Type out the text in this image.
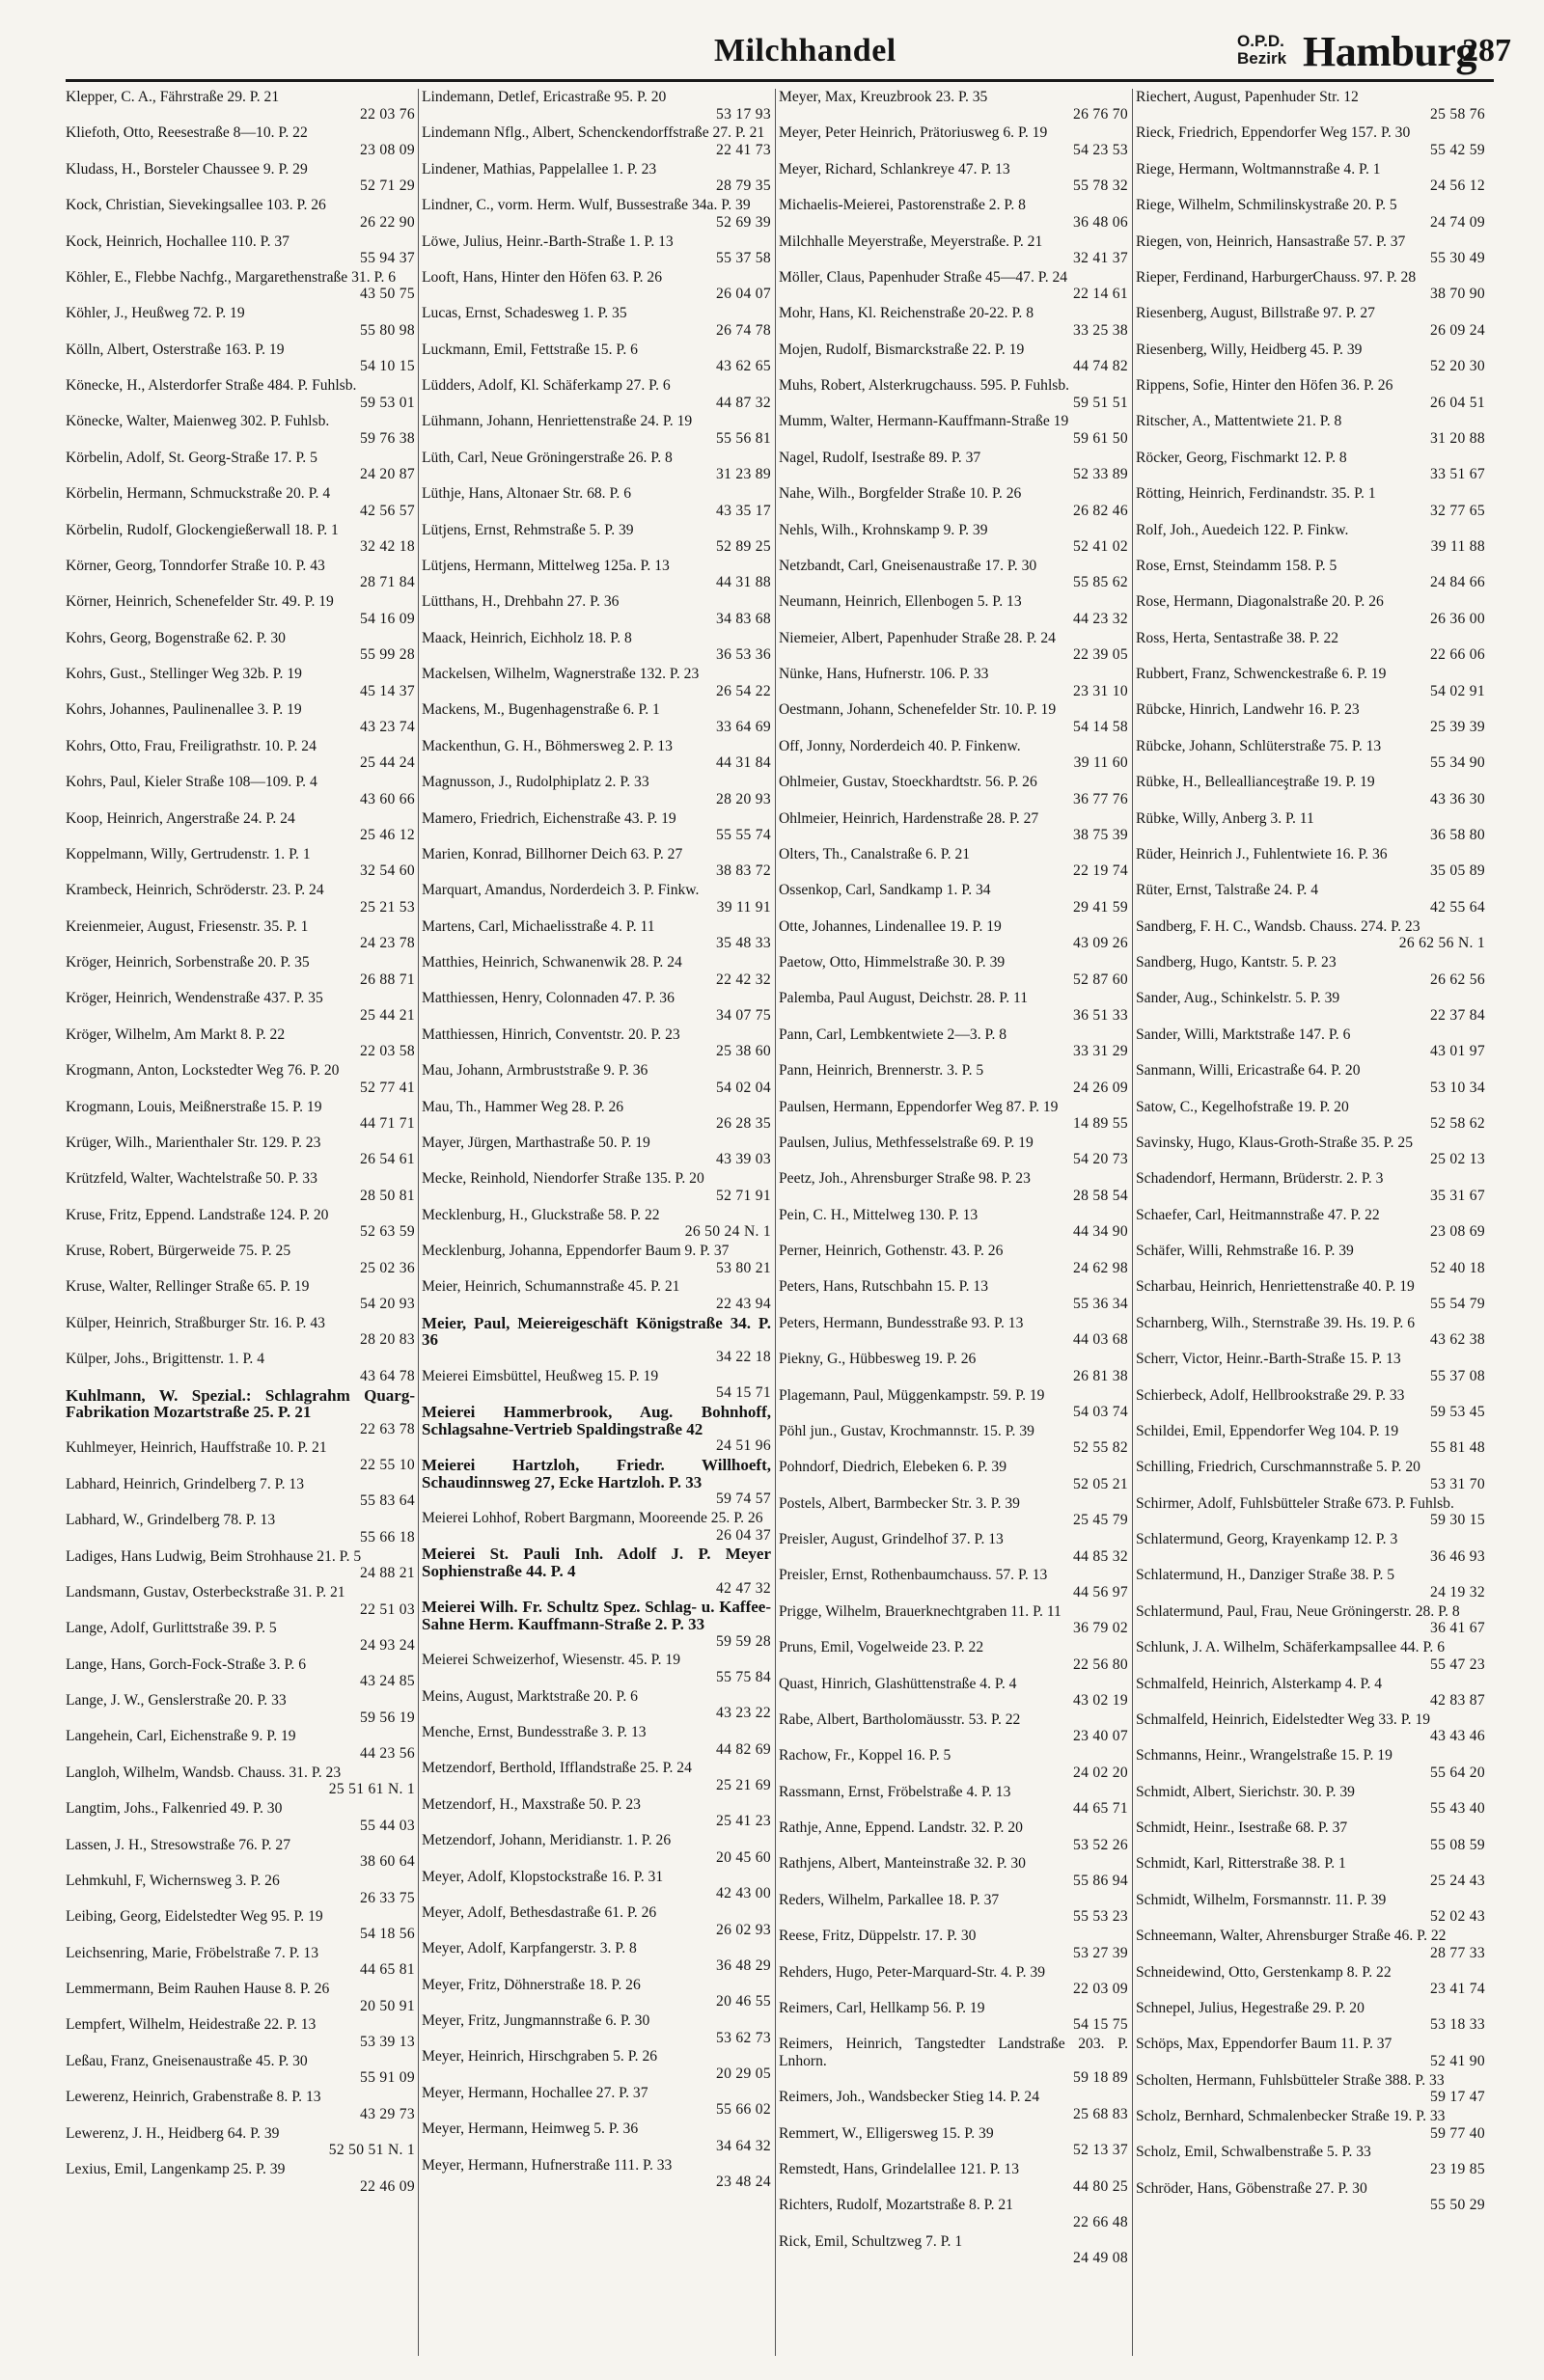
Milchhandel	O.P.D.
Bezirk Hamburg
287
Klepper, C. A., Fährstraße 29. P. 21
22 03 76
Kliefoth, Otto, Reesestraße 8—10. P. 22
23 08 09
Kludass, H., Borsteler Chaussee 9. P. 29
52 71 29
Kock, Christian, Sievekingsallee 103. P. 26
26 22 90
Kock, Heinrich, Hochallee 110. P. 37
55 94 37
Köhler, E., Flebbe Nachfg., Margarethenstraße 31. P. 6
43 50 75
Köhler, J., Heußweg 72. P. 19
55 80 98
Kölln, Albert, Osterstraße 163. P. 19
54 10 15
Könecke, H., Alsterdorfer Straße 484. P. Fuhlsb.
59 53 01
Könecke, Walter, Maienweg 302. P. Fuhlsb.
59 76 38
Körbelin, Adolf, St. Georg-Straße 17. P. 5
24 20 87
Körbelin, Hermann, Schmuckstraße 20. P. 4
42 56 57
Körbelin, Rudolf, Glockengießerwall 18. P. 1
32 42 18
Körner, Georg, Tonndorfer Straße 10. P. 43
28 71 84
Körner, Heinrich, Schenefelder Str. 49. P. 19
54 16 09
Kohrs, Georg, Bogenstraße 62. P. 30
55 99 28
Kohrs, Gust., Stellinger Weg 32b. P. 19
45 14 37
Kohrs, Johannes, Paulinenallee 3. P. 19
43 23 74
Kohrs, Otto, Frau, Freiligrathstr. 10. P. 24
25 44 24
Kohrs, Paul, Kieler Straße 108—109. P. 4
43 60 66
Koop, Heinrich, Angerstraße 24. P. 24
25 46 12
Koppelmann, Willy, Gertrudenstr. 1. P. 1
32 54 60
Krambeck, Heinrich, Schröderstr. 23. P. 24
25 21 53
Kreienmeier, August, Friesenstr. 35. P. 1
24 23 78
Kröger, Heinrich, Sorbenstraße 20. P. 35
26 88 71
Kröger, Heinrich, Wendenstraße 437. P. 35
25 44 21
Kröger, Wilhelm, Am Markt 8. P. 22
22 03 58
Krogmann, Anton, Lockstedter Weg 76. P. 20
52 77 41
Krogmann, Louis, Meißnerstraße 15. P. 19
44 71 71
Krüger, Wilh., Marienthaler Str. 129. P. 23
26 54 61
Krützfeld, Walter, Wachtelstraße 50. P. 33
28 50 81
Kruse, Fritz, Eppend. Landstraße 124. P. 20
52 63 59
Kruse, Robert, Bürgerweide 75. P. 25
25 02 36
Kruse, Walter, Rellinger Straße 65. P. 19
54 20 93
Külper, Heinrich, Straßburger Str. 16. P. 43
28 20 83
Külper, Johs., Brigittenstr. 1. P. 4
43 64 78
Kuhlmann, W. Spezial.: Schlagrahm Quarg-Fabrikation Mozartstraße 25. P. 21
22 63 78
Kuhlmeyer, Heinrich, Hauffstraße 10. P. 21
22 55 10
Labhard, Heinrich, Grindelberg 7. P. 13
55 83 64
Labhard, W., Grindelberg 78. P. 13
55 66 18
Ladiges, Hans Ludwig, Beim Strohhause 21. P. 5
24 88 21
Landsmann, Gustav, Osterbeckstraße 31. P. 21
22 51 03
Lange, Adolf, Gurlittstraße 39. P. 5
24 93 24
Lange, Hans, Gorch-Fock-Straße 3. P. 6
43 24 85
Lange, J. W., Genslerstraße 20. P. 33
59 56 19
Langehein, Carl, Eichenstraße 9. P. 19
44 23 56
Langloh, Wilhelm, Wandsb. Chauss. 31. P. 23
25 51 61 N. 1
Langtim, Johs., Falkenried 49. P. 30
55 44 03
Lassen, J. H., Stresowstraße 76. P. 27
38 60 64
Lehmkuhl, F, Wichernsweg 3. P. 26
26 33 75
Leibing, Georg, Eidelstedter Weg 95. P. 19
54 18 56
Leichsenring, Marie, Fröbelstraße 7. P. 13
44 65 81
Lemmermann, Beim Rauhen Hause 8. P. 26
20 50 91
Lempfert, Wilhelm, Heidestraße 22. P. 13
53 39 13
Leßau, Franz, Gneisenaustraße 45. P. 30
55 91 09
Lewerenz, Heinrich, Grabenstraße 8. P. 13
43 29 73
Lewerenz, J. H., Heidberg 64. P. 39
52 50 51 N. 1
Lexius, Emil, Langenkamp 25. P. 39
22 46 09
Lindemann, Detlef, Ericastraße 95. P. 20
53 17 93
Lindemann Nflg., Albert, Schenckendorffstraße 27. P. 21
22 41 73
Lindener, Mathias, Pappelallee 1. P. 23
28 79 35
Lindner, C., vorm. Herm. Wulf, Bussestraße 34a. P. 39
52 69 39
Löwe, Julius, Heinr.-Barth-Straße 1. P. 13
55 37 58
Looft, Hans, Hinter den Höfen 63. P. 26
26 04 07
Lucas, Ernst, Schadesweg 1. P. 35
26 74 78
Luckmann, Emil, Fettstraße 15. P. 6
43 62 65
Lüdders, Adolf, Kl. Schäferkamp 27. P. 6
44 87 32
Lühmann, Johann, Henriettenstraße 24. P. 19
55 56 81
Lüth, Carl, Neue Gröningerstraße 26. P. 8
31 23 89
Lüthje, Hans, Altonaer Str. 68. P. 6
43 35 17
Lütjens, Ernst, Rehmstraße 5. P. 39
52 89 25
Lütjens, Hermann, Mittelweg 125a. P. 13
44 31 88
Lütthans, H., Drehbahn 27. P. 36
34 83 68
Maack, Heinrich, Eichholz 18. P. 8
36 53 36
Mackelsen, Wilhelm, Wagnerstraße 132. P. 23
26 54 22
Mackens, M., Bugenhagenstraße 6. P. 1
33 64 69
Mackenthun, G. H., Böhmersweg 2. P. 13
44 31 84
Magnusson, J., Rudolphiplatz 2. P. 33
28 20 93
Mamero, Friedrich, Eichenstraße 43. P. 19
55 55 74
Marien, Konrad, Billhorner Deich 63. P. 27
38 83 72
Marquart, Amandus, Norderdeich 3. P. Finkw.
39 11 91
Martens, Carl, Michaelisstraße 4. P. 11
35 48 33
Matthies, Heinrich, Schwanenwik 28. P. 24
22 42 32
Matthiessen, Henry, Colonnaden 47. P. 36
34 07 75
Matthiessen, Hinrich, Conventstr. 20. P. 23
25 38 60
Mau, Johann, Armbruststraße 9. P. 36
54 02 04
Mau, Th., Hammer Weg 28. P. 26
26 28 35
Mayer, Jürgen, Marthastraße 50. P. 19
43 39 03
Mecke, Reinhold, Niendorfer Straße 135. P. 20
52 71 91
Mecklenburg, H., Gluckstraße 58. P. 22
26 50 24 N. 1
Mecklenburg, Johanna, Eppendorfer Baum 9. P. 37
53 80 21
Meier, Heinrich, Schumannstraße 45. P. 21
22 43 94
Meier, Paul, Meiereigeschäft Königstraße 34. P. 36
34 22 18
Meierei Eimsbüttel, Heußweg 15. P. 19
54 15 71
Meierei Hammerbrook, Aug. Bohnhoff, Schlagsahne-Vertrieb Spaldingstraße 42
24 51 96
Meierei Hartzloh, Friedr. Willhoeft, Schaudinnsweg 27, Ecke Hartzloh. P. 33
59 74 57
Meierei Lohhof, Robert Bargmann, Mooreende 25. P. 26
26 04 37
Meierei St. Pauli Inh. Adolf J. P. Meyer Sophienstraße 44. P. 4
42 47 32
Meierei Wilh. Fr. Schultz Spez. Schlag- u. Kaffee-Sahne Herm. Kauffmann-Straße 2. P. 33
59 59 28
Meierei Schweizerhof, Wiesenstr. 45. P. 19
55 75 84
Meins, August, Marktstraße 20. P. 6
43 23 22
Menche, Ernst, Bundesstraße 3. P. 13
44 82 69
Metzendorf, Berthold, Ifflandstraße 25. P. 24
25 21 69
Metzendorf, H., Maxstraße 50. P. 23
25 41 23
Metzendorf, Johann, Meridianstr. 1. P. 26
20 45 60
Meyer, Adolf, Klopstockstraße 16. P. 31
42 43 00
Meyer, Adolf, Bethesdastraße 61. P. 26
26 02 93
Meyer, Adolf, Karpfangerstr. 3. P. 8
36 48 29
Meyer, Fritz, Döhnerstraße 18. P. 26
20 46 55
Meyer, Fritz, Jungmannstraße 6. P. 30
53 62 73
Meyer, Heinrich, Hirschgraben 5. P. 26
20 29 05
Meyer, Hermann, Hochallee 27. P. 37
55 66 02
Meyer, Hermann, Heimweg 5. P. 36
34 64 32
Meyer, Hermann, Hufnerstraße 111. P. 33
23 48 24
Meyer, Max, Kreuzbrook 23. P. 35
26 76 70
Meyer, Peter Heinrich, Prätoriusweg 6. P. 19
54 23 53
Meyer, Richard, Schlankreye 47. P. 13
55 78 32
Michaelis-Meierei, Pastorenstraße 2. P. 8
36 48 06
Milchhalle Meyerstraße, Meyerstraße. P. 21
32 41 37
Möller, Claus, Papenhuder Straße 45—47. P. 24
22 14 61
Mohr, Hans, Kl. Reichenstraße 20-22. P. 8
33 25 38
Mojen, Rudolf, Bismarckstraße 22. P. 19
44 74 82
Muhs, Robert, Alsterkrugchauss. 595. P. Fuhlsb.
59 51 51
Mumm, Walter, Hermann-Kauffmann-Straße 19
59 61 50
Nagel, Rudolf, Isestraße 89. P. 37
52 33 89
Nahe, Wilh., Borgfelder Straße 10. P. 26
26 82 46
Nehls, Wilh., Krohnskamp 9. P. 39
52 41 02
Netzbandt, Carl, Gneisenaustraße 17. P. 30
55 85 62
Neumann, Heinrich, Ellenbogen 5. P. 13
44 23 32
Niemeier, Albert, Papenhuder Straße 28. P. 24
22 39 05
Nünke, Hans, Hufnerstr. 106. P. 33
23 31 10
Oestmann, Johann, Schenefelder Str. 10. P. 19
54 14 58
Off, Jonny, Norderdeich 40. P. Finkenw.
39 11 60
Ohlmeier, Gustav, Stoeckhardtstr. 56. P. 26
36 77 76
Ohlmeier, Heinrich, Hardenstraße 28. P. 27
38 75 39
Olters, Th., Canalstraße 6. P. 21
22 19 74
Ossenkop, Carl, Sandkamp 1. P. 34
29 41 59
Otte, Johannes, Lindenallee 19. P. 19
43 09 26
Paetow, Otto, Himmelstraße 30. P. 39
52 87 60
Palemba, Paul August, Deichstr. 28. P. 11
36 51 33
Pann, Carl, Lembkentwiete 2—3. P. 8
33 31 29
Pann, Heinrich, Brennerstr. 3. P. 5
24 26 09
Paulsen, Hermann, Eppendorfer Weg 87. P. 19
14 89 55
Paulsen, Julius, Methfesselstraße 69. P. 19
54 20 73
Peetz, Joh., Ahrensburger Straße 98. P. 23
28 58 54
Pein, C. H., Mittelweg 130. P. 13
44 34 90
Perner, Heinrich, Gothenstr. 43. P. 26
24 62 98
Peters, Hans, Rutschbahn 15. P. 13
55 36 34
Peters, Hermann, Bundesstraße 93. P. 13
44 03 68
Piekny, G., Hübbesweg 19. P. 26
26 81 38
Plagemann, Paul, Müggenkampstr. 59. P. 19
54 03 74
Pöhl jun., Gustav, Krochmannstr. 15. P. 39
52 55 82
Pohndorf, Diedrich, Elebeken 6. P. 39
52 05 21
Postels, Albert, Barmbecker Str. 3. P. 39
25 45 79
Preisler, August, Grindelhof 37. P. 13
44 85 32
Preisler, Ernst, Rothenbaumchauss. 57. P. 13
44 56 97
Prigge, Wilhelm, Brauerknechtgraben 11. P. 11
36 79 02
Pruns, Emil, Vogelweide 23. P. 22
22 56 80
Quast, Hinrich, Glashüttenstraße 4. P. 4
43 02 19
Rabe, Albert, Bartholomäusstr. 53. P. 22
23 40 07
Rachow, Fr., Koppel 16. P. 5
24 02 20
Rassmann, Ernst, Fröbelstraße 4. P. 13
44 65 71
Rathje, Anne, Eppend. Landstr. 32. P. 20
53 52 26
Rathjens, Albert, Manteinstraße 32. P. 30
55 86 94
Reders, Wilhelm, Parkallee 18. P. 37
55 53 23
Reese, Fritz, Düppelstr. 17. P. 30
53 27 39
Rehders, Hugo, Peter-Marquard-Str. 4. P. 39
22 03 09
Reimers, Carl, Hellkamp 56. P. 19
54 15 75
Reimers, Heinrich, Tangstedter Landstraße 203. P. Lnhorn.
59 18 89
Reimers, Joh., Wandsbecker Stieg 14. P. 24
25 68 83
Remmert, W., Elligersweg 15. P. 39
52 13 37
Remstedt, Hans, Grindelallee 121. P. 13
44 80 25
Richters, Rudolf, Mozartstraße 8. P. 21
22 66 48
Rick, Emil, Schultzweg 7. P. 1
24 49 08
Riechert, August, Papenhuder Str. 12
25 58 76
Rieck, Friedrich, Eppendorfer Weg 157. P. 30
55 42 59
Riege, Hermann, Woltmannstraße 4. P. 1
24 56 12
Riege, Wilhelm, Schmilinskystraße 20. P. 5
24 74 09
Riegen, von, Heinrich, Hansastraße 57. P. 37
55 30 49
Rieper, Ferdinand, HarburgerChauss. 97. P. 28
38 70 90
Riesenberg, August, Billstraße 97. P. 27
26 09 24
Riesenberg, Willy, Heidberg 45. P. 39
52 20 30
Rippens, Sofie, Hinter den Höfen 36. P. 26
26 04 51
Ritscher, A., Mattentwiete 21. P. 8
31 20 88
Röcker, Georg, Fischmarkt 12. P. 8
33 51 67
Rötting, Heinrich, Ferdinandstr. 35. P. 1
32 77 65
Rolf, Joh., Auedeich 122. P. Finkw.
39 11 88
Rose, Ernst, Steindamm 158. P. 5
24 84 66
Rose, Hermann, Diagonalstraße 20. P. 26
26 36 00
Ross, Herta, Sentastraße 38. P. 22
22 66 06
Rubbert, Franz, Schwenckestraße 6. P. 19
54 02 91
Rübcke, Hinrich, Landwehr 16. P. 23
25 39 39
Rübcke, Johann, Schlüterstraße 75. P. 13
55 34 90
Rübke, H., Belleallianceştraße 19. P. 19
43 36 30
Rübke, Willy, Anberg 3. P. 11
36 58 80
Rüder, Heinrich J., Fuhlentwiete 16. P. 36
35 05 89
Rüter, Ernst, Talstraße 24. P. 4
42 55 64
Sandberg, F. H. C., Wandsb. Chauss. 274. P. 23
26 62 56 N. 1
Sandberg, Hugo, Kantstr. 5. P. 23
26 62 56
Sander, Aug., Schinkelstr. 5. P. 39
22 37 84
Sander, Willi, Marktstraße 147. P. 6
43 01 97
Sanmann, Willi, Ericastraße 64. P. 20
53 10 34
Satow, C., Kegelhofstraße 19. P. 20
52 58 62
Savinsky, Hugo, Klaus-Groth-Straße 35. P. 25
25 02 13
Schadendorf, Hermann, Brüderstr. 2. P. 3
35 31 67
Schaefer, Carl, Heitmannstraße 47. P. 22
23 08 69
Schäfer, Willi, Rehmstraße 16. P. 39
52 40 18
Scharbau, Heinrich, Henriettenstraße 40. P. 19
55 54 79
Scharnberg, Wilh., Sternstraße 39. Hs. 19. P. 6
43 62 38
Scherr, Victor, Heinr.-Barth-Straße 15. P. 13
55 37 08
Schierbeck, Adolf, Hellbrookstraße 29. P. 33
59 53 45
Schildei, Emil, Eppendorfer Weg 104. P. 19
55 81 48
Schilling, Friedrich, Curschmannstraße 5. P. 20
53 31 70
Schirmer, Adolf, Fuhlsbütteler Straße 673. P. Fuhlsb.
59 30 15
Schlatermund, Georg, Krayenkamp 12. P. 3
36 46 93
Schlatermund, H., Danziger Straße 38. P. 5
24 19 32
Schlatermund, Paul, Frau, Neue Gröningerstr. 28. P. 8
36 41 67
Schlunk, J. A. Wilhelm, Schäferkampsallee 44. P. 6
55 47 23
Schmalfeld, Heinrich, Alsterkamp 4. P. 4
42 83 87
Schmalfeld, Heinrich, Eidelstedter Weg 33. P. 19
43 43 46
Schmanns, Heinr., Wrangelstraße 15. P. 19
55 64 20
Schmidt, Albert, Sierichstr. 30. P. 39
55 43 40
Schmidt, Heinr., Isestraße 68. P. 37
55 08 59
Schmidt, Karl, Ritterstraße 38. P. 1
25 24 43
Schmidt, Wilhelm, Forsmannstr. 11. P. 39
52 02 43
Schneemann, Walter, Ahrensburger Straße 46. P. 22
28 77 33
Schneidewind, Otto, Gerstenkamp 8. P. 22
23 41 74
Schnepel, Julius, Hegestraße 29. P. 20
53 18 33
Schöps, Max, Eppendorfer Baum 11. P. 37
52 41 90
Scholten, Hermann, Fuhlsbütteler Straße 388. P. 33
59 17 47
Scholz, Bernhard, Schmalenbecker Straße 19. P. 33
59 77 40
Scholz, Emil, Schwalbenstraße 5. P. 33
23 19 85
Schröder, Hans, Göbenstraße 27. P. 30
55 50 29
